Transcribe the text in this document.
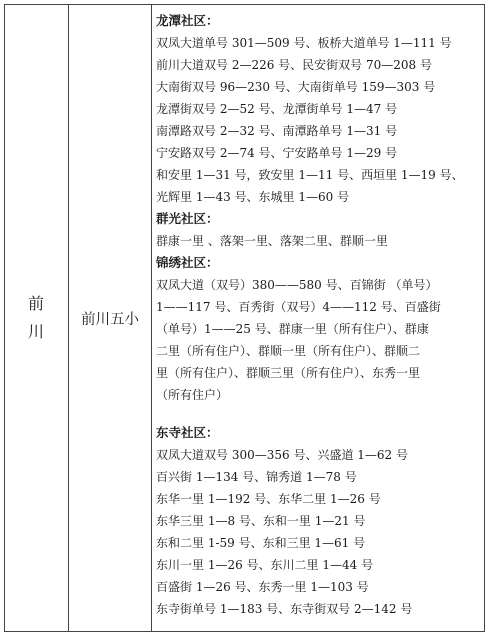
前川
前川五小
龙潭社区：
双凤大道单号 301—509 号、板桥大道单号 1—111 号
前川大道双号 2—226 号、民安街双号 70—208 号
大南街双号 96—230 号、大南街单号 159—303 号
龙潭街双号 2—52 号、龙潭街单号 1—47 号
南潭路双号 2—32 号、南潭路单号 1—31 号
宁安路双号 2—74 号、宁安路单号 1—29 号
和安里 1—31 号，致安里 1—11 号、西垣里 1—19 号、
光辉里 1—43 号、东城里 1—60 号
群光社区：
群康一里 、落架一里、落架二里、群顺一里
锦绣社区：
双凤大道（双号）380——580 号、百锦街 （单号）
1——117 号、百秀街（双号）4——112 号、百盛街
（单号）1——25 号、群康一里（所有住户）、群康
二里（所有住户）、群顺一里（所有住户）、群顺二
里（所有住户）、群顺三里（所有住户）、东秀一里
（所有住户）
东寺社区：
双凤大道双号 300—356 号、兴盛道 1—62 号
百兴街 1—134 号、锦秀道 1—78 号
东华一里 1—192 号、东华二里 1—26 号
东华三里 1—8 号、东和一里 1—21 号
东和二里 1-59 号、东和三里 1—61 号
东川一里 1—26 号、东川二里 1—44 号
百盛街 1—26 号、东秀一里 1—103 号
东寺街单号 1—183 号、东寺街双号 2—142 号
